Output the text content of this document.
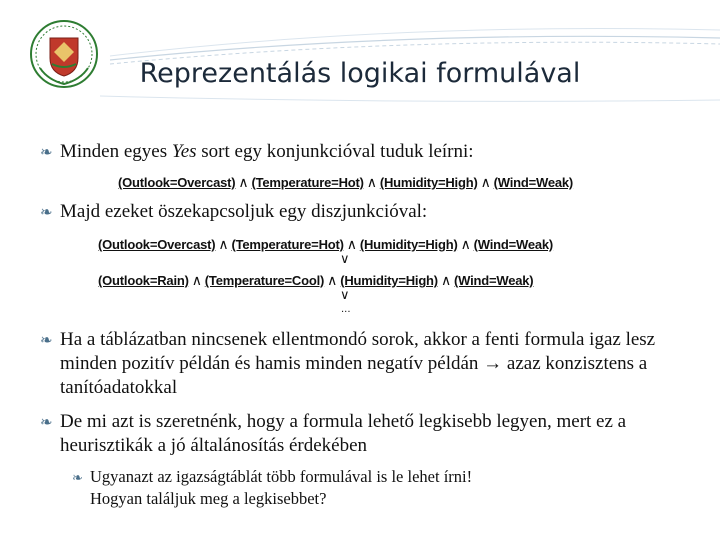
Reprezentálás logikai formulával
❧ Minden egyes Yes sort egy konjunkcióval tuduk leírni:
(Outlook=Overcast) ∧ (Temperature=Hot) ∧ (Humidity=High) ∧ (Wind=Weak)
❧ Majd ezeket öszekapcsoljuk egy diszjunkcióval:
(Outlook=Overcast) ∧ (Temperature=Hot) ∧ (Humidity=High) ∧ (Wind=Weak)
∨
(Outlook=Rain) ∧ (Temperature=Cool) ∧ (Humidity=High) ∧ (Wind=Weak)
∨
...
❧ Ha a táblázatban nincsenek ellentmondó sorok, akkor a fenti formula igaz lesz minden pozitív példán és hamis minden negatív példán → azaz konzisztens a tanítóadatokkal
❧ De mi azt is szeretnénk, hogy a formula lehető legkisebb legyen, mert ez a heurisztikák a jó általánosítás érdekében
❧ Ugyanazt az igazságtáblát több formulával is le lehet írni!
Hogyan találjuk meg a legkisebbet?
